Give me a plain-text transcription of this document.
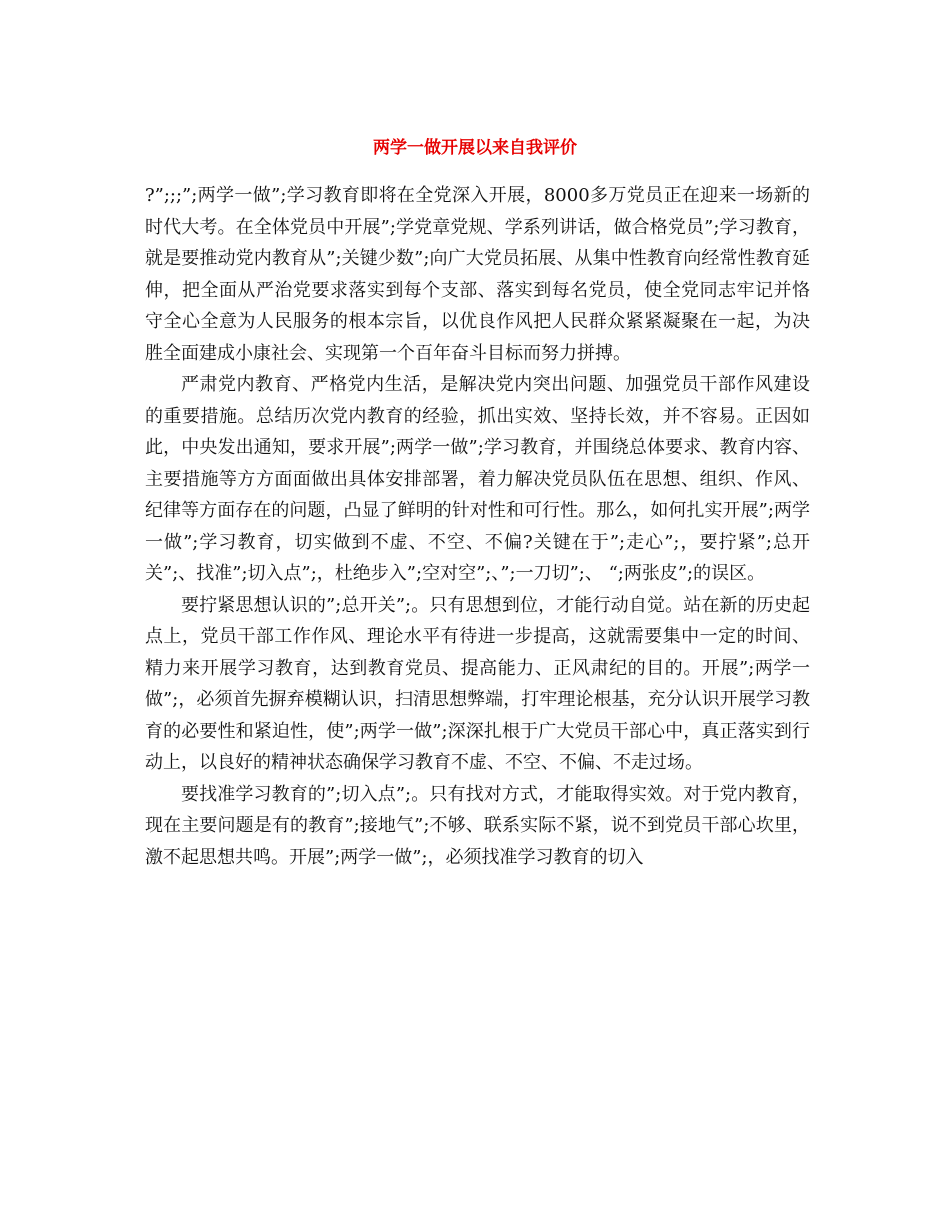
两学一做开展以来自我评价

?”;;;”;两学一做”;学习教育即将在全党深入开展，8000多万党员正在迎来一场新的时代大考。在全体党员中开展”;学党章党规、学系列讲话，做合格党员”;学习教育，就是要推动党内教育从”;关键少数”;向广大党员拓展、从集中性教育向经常性教育延伸，把全面从严治党要求落实到每个支部、落实到每名党员，使全党同志牢记并恪守全心全意为人民服务的根本宗旨，以优良作风把人民群众紧紧凝聚在一起，为决胜全面建成小康社会、实现第一个百年奋斗目标而努力拼搏。

严肃党内教育、严格党内生活，是解决党内突出问题、加强党员干部作风建设的重要措施。总结历次党内教育的经验，抓出实效、坚持长效，并不容易。正因如此，中央发出通知，要求开展”;两学一做”;学习教育，并围绕总体要求、教育内容、主要措施等方方面面做出具体安排部署，着力解决党员队伍在思想、组织、作风、纪律等方面存在的问题，凸显了鲜明的针对性和可行性。那么，如何扎实开展”;两学一做”;学习教育，切实做到不虚、不空、不偏?关键在于”;走心”;，要拧紧”;总开关”;、找准”;切入点”;，杜绝步入”;空对空”;、”;一刀切”;、 “;两张皮”;的误区。

要拧紧思想认识的”;总开关”;。只有思想到位，才能行动自觉。站在新的历史起点上，党员干部工作作风、理论水平有待进一步提高，这就需要集中一定的时间、精力来开展学习教育，达到教育党员、提高能力、正风肃纪的目的。开展”;两学一做”;，必须首先摒弃模糊认识，扫清思想弊端，打牢理论根基，充分认识开展学习教育的必要性和紧迫性，使”;两学一做”;深深扎根于广大党员干部心中，真正落实到行动上，以良好的精神状态确保学习教育不虚、不空、不偏、不走过场。

要找准学习教育的”;切入点”;。只有找对方式，才能取得实效。对于党内教育，现在主要问题是有的教育”;接地气”;不够、联系实际不紧，说不到党员干部心坎里，激不起思想共鸣。开展”;两学一做”;，必须找准学习教育的切入
